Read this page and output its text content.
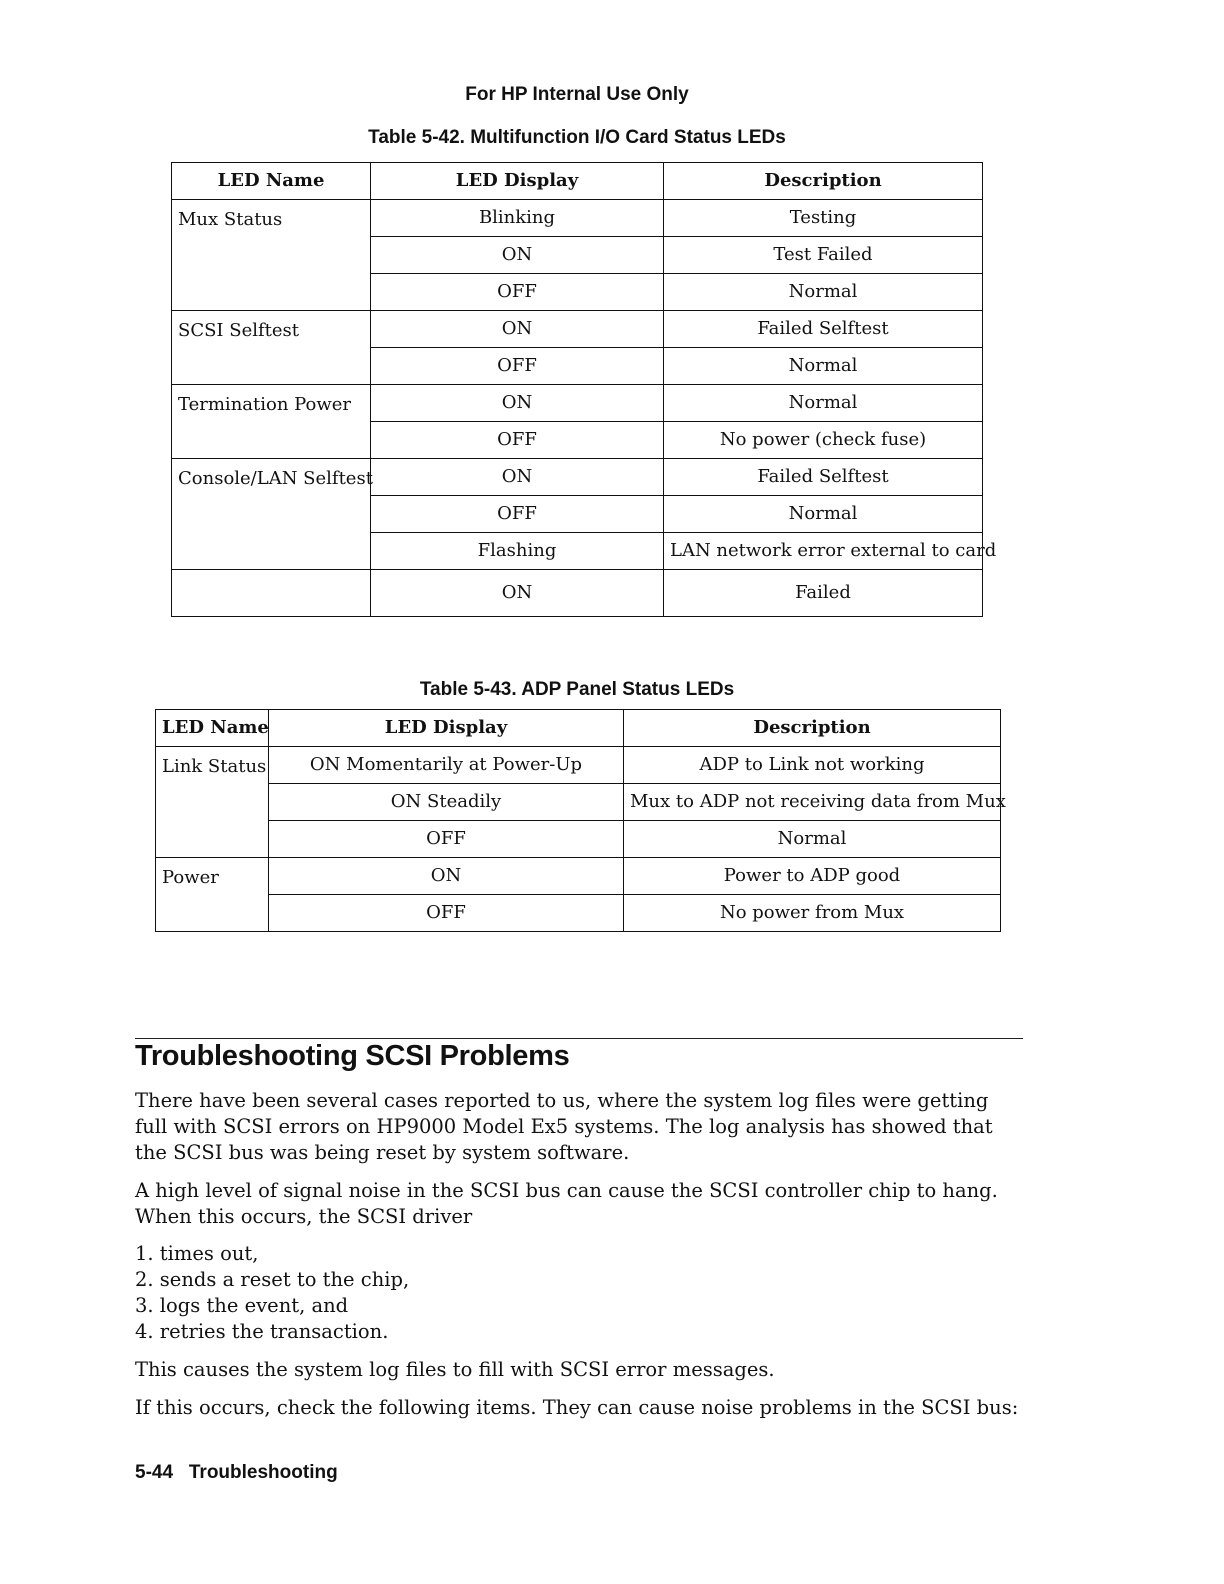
For HP Internal Use Only
Table 5-42. Multifunction I/O Card Status LEDs
LED Name	LED Display	Description
Mux Status	Blinking	Testing
	ON	Test Failed
	OFF	Normal
SCSI Selftest	ON	Failed Selftest
	OFF	Normal
Termination Power	ON	Normal
	OFF	No power (check fuse)
Console/LAN Selftest	ON	Failed Selftest
	OFF	Normal
	Flashing	LAN network error external to card
	ON	Failed
Table 5-43. ADP Panel Status LEDs
LED Name	LED Display	Description
Link Status	ON Momentarily at Power-Up	ADP to Link not working
	ON Steadily	Mux to ADP not receiving data from Mux
	OFF	Normal
Power	ON	Power to ADP good
	OFF	No power from Mux
Troubleshooting SCSI Problems
There have been several cases reported to us, where the system log files were getting full with SCSI errors on HP9000 Model Ex5 systems. The log analysis has showed that the SCSI bus was being reset by system software.
A high level of signal noise in the SCSI bus can cause the SCSI controller chip to hang. When this occurs, the SCSI driver
1. times out,
2. sends a reset to the chip,
3. logs the event, and
4. retries the transaction.
This causes the system log files to fill with SCSI error messages.
If this occurs, check the following items. They can cause noise problems in the SCSI bus:
5-44   Troubleshooting
